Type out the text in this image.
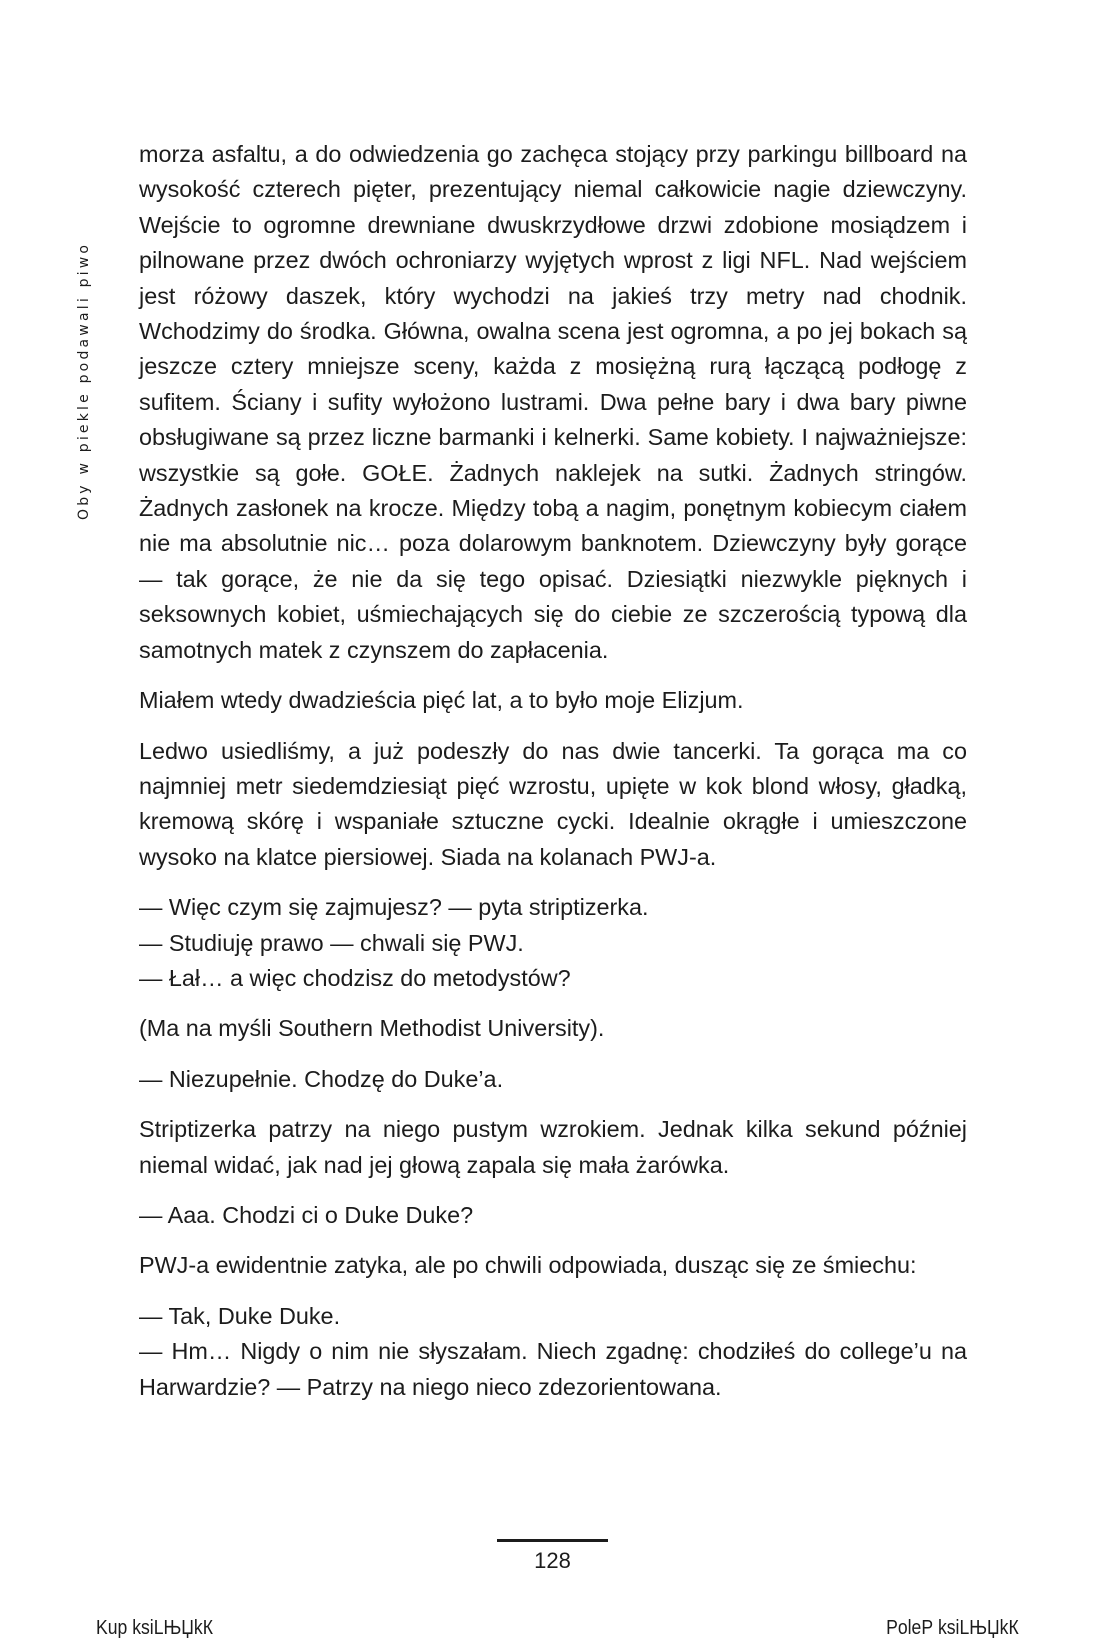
Oby w piekle podawali piwo

morza asfaltu, a do odwiedzenia go zachęca stojący przy parkingu billboard na wysokość czterech pięter, prezentujący niemal całkowicie nagie dziewczyny. Wejście to ogromne drewniane dwuskrzydłowe drzwi zdobione mosiądzem i pilnowane przez dwóch ochroniarzy wyjętych wprost z ligi NFL. Nad wejściem jest różowy daszek, który wychodzi na jakieś trzy metry nad chodnik. Wchodzimy do środka. Główna, owalna scena jest ogromna, a po jej bokach są jeszcze cztery mniejsze sceny, każda z mosiężną rurą łączącą podłogę z sufitem. Ściany i sufity wyłożono lustrami. Dwa pełne bary i dwa bary piwne obsługiwane są przez liczne barmanki i kelnerki. Same kobiety. I najważniejsze: wszystkie są gołe. GOŁE. Żadnych naklejek na sutki. Żadnych stringów. Żadnych zasłonek na krocze. Między tobą a nagim, ponętnym kobiecym ciałem nie ma absolutnie nic… poza dolarowym banknotem. Dziewczyny były gorące — tak gorące, że nie da się tego opisać. Dziesiątki niezwykle pięknych i seksownych kobiet, uśmiechających się do ciebie ze szczerością typową dla samotnych matek z czynszem do zapłacenia.

Miałem wtedy dwadzieścia pięć lat, a to było moje Elizjum.

Ledwo usiedliśmy, a już podeszły do nas dwie tancerki. Ta gorąca ma co najmniej metr siedemdziesiąt pięć wzrostu, upięte w kok blond włosy, gładką, kremową skórę i wspaniałe sztuczne cycki. Idealnie okrągłe i umieszczone wysoko na klatce piersiowej. Siada na kolanach PWJ-a.

— Więc czym się zajmujesz? — pyta striptizerka.

— Studiuję prawo — chwali się PWJ.

— Łał… a więc chodzisz do metodystów?

(Ma na myśli Southern Methodist University).

— Niezupełnie. Chodzę do Duke’a.

Striptizerka patrzy na niego pustym wzrokiem. Jednak kilka sekund później niemal widać, jak nad jej głową zapala się mała żarówka.

— Aaa. Chodzi ci o Duke Duke?

PWJ-a ewidentnie zatyka, ale po chwili odpowiada, dusząc się ze śmiechu:

— Tak, Duke Duke.

— Hm… Nigdy o nim nie słyszałam. Niech zgadnę: chodziłeś do college’u na Harwardzie? — Patrzy na niego nieco zdezorientowana.

128
Kup ksiLЊЏkК	PoleР ksiLЊЏkК
